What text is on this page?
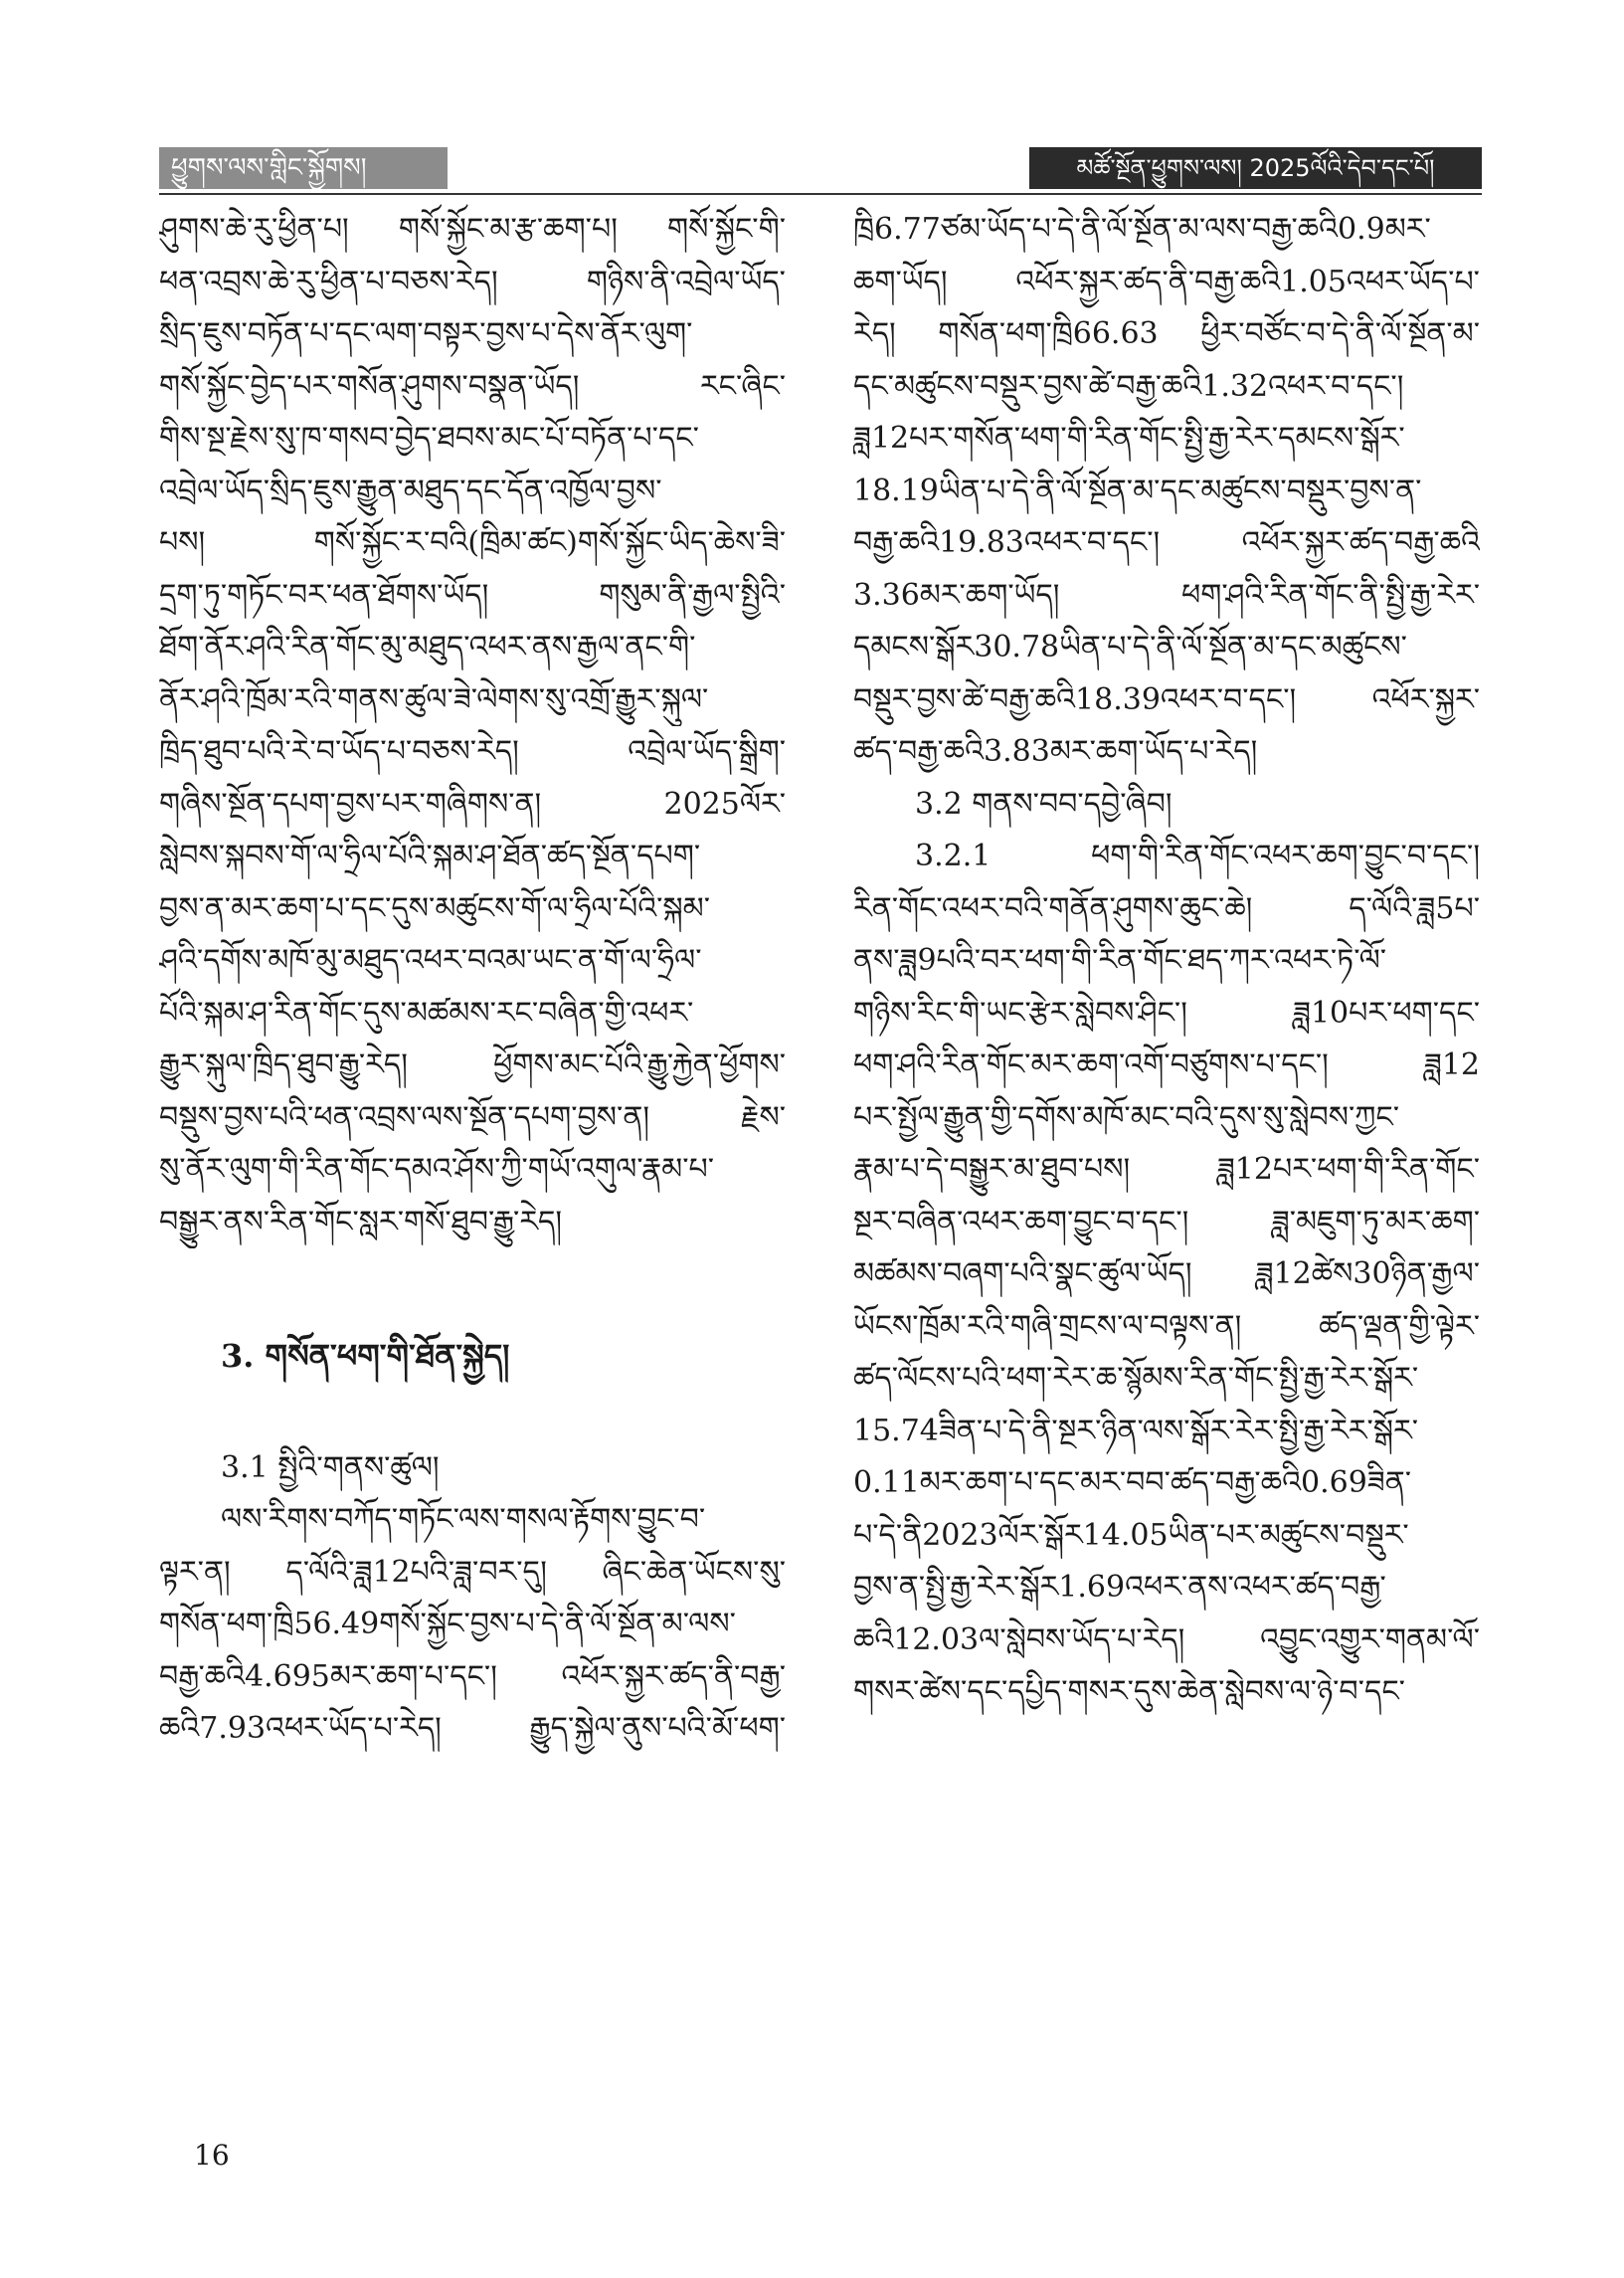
ཕྱུགས་ལས་གླིང་སྐྱོགས།	མཚོ་སྔོན་ཕྱུགས་ལས། 2025ལོའི་དེབ་དང་པོ།
ཤུགས་ཆེ་རུ་ཕྱིན་པ། གསོ་སྐྱོང་མ་རྩ་ཆག་པ། གསོ་སྐྱོང་གི་
ཕན་འབྲས་ཆེ་རུ་ཕྱིན་པ་བཅས་རེད། གཉིས་ནི་འབྲེལ་ཡོད་
སྲིད་ཇུས་བཏོན་པ་དང་ལག་བསྟར་བྱས་པ་དེས་ནོར་ལུག་
གསོ་སྐྱོང་བྱེད་པར་གསོན་ཤུགས་བསྣན་ཡོད། རང་ཞིང་
གིས་སྔ་རྗེས་སུ་ཁ་གསབ་བྱེད་ཐབས་མང་པོ་བཏོན་པ་དང་
འབྲེལ་ཡོད་སྲིད་ཇུས་རྒྱུན་མཐུད་དང་དོན་འཁྱོལ་བྱས་
པས། གསོ་སྐྱོང་ར་བའི(ཁྲིམ་ཚང)གསོ་སྐྱོང་ཡིད་ཆེས་ཟི་
དྲག་ཏུ་གཏོང་བར་ཕན་ཐོགས་ཡོད། གསུམ་ནི་རྒྱལ་སྤྱིའི་
ཐོག་ནོར་ཤའི་རིན་གོང་མུ་མཐུད་འཕར་ནས་རྒྱལ་ནང་གི་
ནོར་ཤའི་ཁྲོམ་རའི་གནས་ཚུལ་ཟེ་ལེགས་སུ་འགྲོ་རྒྱུར་སྐུལ་
ཁྲིད་ཐུབ་པའི་རེ་བ་ཡོད་པ་བཅས་རེད། འབྲེལ་ཡོད་སྒྲིག་
གཞིས་སྔོན་དཔག་བྱས་པར་གཞིགས་ན། 2025ལོར་
སླེབས་སྐབས་གོ་ལ་ཧྲིལ་པོའི་སྐམ་ཤ་ཐོན་ཚད་སྔོན་དཔག་
བྱས་ན་མར་ཆག་པ་དང་དུས་མཚུངས་གོ་ལ་ཧྲིལ་པོའི་སྐམ་
ཤའི་དགོས་མཁོ་མུ་མཐུད་འཕར་བའམ་ཡང་ན་གོ་ལ་ཧྲིལ་
པོའི་སྐམ་ཤ་རིན་གོང་དུས་མཚམས་རང་བཞིན་གྱི་འཕར་
རྒྱུར་སྐུལ་ཁྲིད་ཐུབ་རྒྱུ་རེད། ཕྱོགས་མང་པོའི་རྒྱུ་རྐྱེན་ཕྱོགས་
བསྡུས་བྱས་པའི་ཕན་འབྲས་ལས་སྔོན་དཔག་བྱས་ན། རྗེས་
སུ་ནོར་ལུག་གི་རིན་གོང་དམའ་ཤོས་ཀྱི་གཡོ་འགུལ་རྣམ་པ་
བསྒྱུར་ནས་རིན་གོང་སླར་གསོ་ཐུབ་རྒྱུ་རེད།
3. གསོན་ཕག་གི་ཐོན་སྐྱེད།
3.1 སྤྱིའི་གནས་ཚུལ།
ལས་རིགས་བཀོད་གཏོང་ལས་གསལ་རྟོགས་བྱུང་བ་
ལྟར་ན། ད་ལོའི་ཟླ12པའི་ཟླ་བར་དུ། ཞིང་ཆེན་ཡོངས་སུ་
གསོན་ཕག་ཁྲི56.49གསོ་སྐྱོང་བྱས་པ་དེ་ནི་ལོ་སྔོན་མ་ལས་
བརྒྱ་ཆའི4.695མར་ཆག་པ་དང་། འཕོར་སྐྱར་ཚད་ནི་བརྒྱ་
ཆའི7.93འཕར་ཡོད་པ་རེད། རྒྱུད་སྐྱེལ་ནུས་པའི་མོ་ཕག་
ཁྲི6.77ཙམ་ཡོད་པ་དེ་ནི་ལོ་སྔོན་མ་ལས་བརྒྱ་ཆའི0.9མར་
ཆག་ཡོད། འཕོར་སྐྱར་ཚད་ནི་བརྒྱ་ཆའི1.05འཕར་ཡོད་པ་
རེད། གསོན་ཕག་ཁྲི66.63 ཕྱིར་བཙོང་བ་དེ་ནི་ལོ་སྔོན་མ་
དང་མཚུངས་བསྡུར་བྱས་ཚེ་བརྒྱ་ཆའི1.32འཕར་བ་དང་།
ཟླ12པར་གསོན་ཕག་གི་རིན་གོང་སྤྱི་རྒྱ་རེར་དམངས་སྒོར་
18.19ཡིན་པ་དེ་ནི་ལོ་སྔོན་མ་དང་མཚུངས་བསྡུར་བྱས་ན་
བརྒྱ་ཆའི19.83འཕར་བ་དང་། འཕོར་སྐྱར་ཚད་བརྒྱ་ཆའི
3.36མར་ཆག་ཡོད། ཕག་ཤའི་རིན་གོང་ནི་སྤྱི་རྒྱ་རེར་
དམངས་སྒོར30.78ཡིན་པ་དེ་ནི་ལོ་སྔོན་མ་དང་མཚུངས་
བསྡུར་བྱས་ཚེ་བརྒྱ་ཆའི18.39འཕར་བ་དང་། འཕོར་སྐྱར་
ཚད་བརྒྱ་ཆའི3.83མར་ཆག་ཡོད་པ་རེད།
3.2 གནས་བབ་དབྱེ་ཞིབ།
3.2.1 ཕག་གི་རིན་གོང་འཕར་ཆག་བྱུང་བ་དང་།
རིན་གོང་འཕར་བའི་གནོན་ཤུགས་ཆུང་ཆེ། ད་ལོའི་ཟླ5པ་
ནས་ཟླ9པའི་བར་ཕག་གི་རིན་གོང་ཐད་ཀར་འཕར་ཏེ་ལོ་
གཉིས་རིང་གི་ཡང་རྩེར་སླེབས་ཤིང་། ཟླ10པར་ཕག་དང་
ཕག་ཤའི་རིན་གོང་མར་ཆག་འགོ་བཙུགས་པ་དང་། ཟླ12
པར་སྤྱོལ་རྒྱུན་གྱི་དགོས་མཁོ་མང་བའི་དུས་སུ་སླེབས་ཀྱང་
རྣམ་པ་དེ་བསྒྱུར་མ་ཐུབ་པས། ཟླ12པར་ཕག་གི་རིན་གོང་
སྔར་བཞིན་འཕར་ཆག་བྱུང་བ་དང་། ཟླ་མཇུག་ཏུ་མར་ཆག་
མཚམས་བཞག་པའི་སྣང་ཚུལ་ཡོད། ཟླ12ཚེས30ཉིན་རྒྱལ་
ཡོངས་ཁྲོམ་རའི་གཞི་གྲངས་ལ་བལྟས་ན། ཚད་ལྡན་གྱི་ལྟེར་
ཚད་ལོངས་པའི་ཕག་རེར་ཆ་སྙོམས་རིན་གོང་སྤྱི་རྒྱ་རེར་སྒོར་
15.74ཟིན་པ་དེ་ནི་སྔར་ཉིན་ལས་སྒོར་རེར་སྤྱི་རྒྱ་རེར་སྒོར་
0.11མར་ཆག་པ་དང་མར་བབ་ཚད་བརྒྱ་ཆའི0.69ཟིན་
པ་དེ་ནི2023ལོར་སྒོར14.05ཡིན་པར་མཚུངས་བསྡུར་
བྱས་ན་སྤྱི་རྒྱ་རེར་སྒོར1.69འཕར་ནས་འཕར་ཚད་བརྒྱ་
ཆའི12.03ལ་སླེབས་ཡོད་པ་རེད། འབྱུང་འགྱུར་གནམ་ལོ་
གསར་ཚེས་དང་དཔྱིད་གསར་དུས་ཆེན་སླེབས་ལ་ཉེ་བ་དང་
16
